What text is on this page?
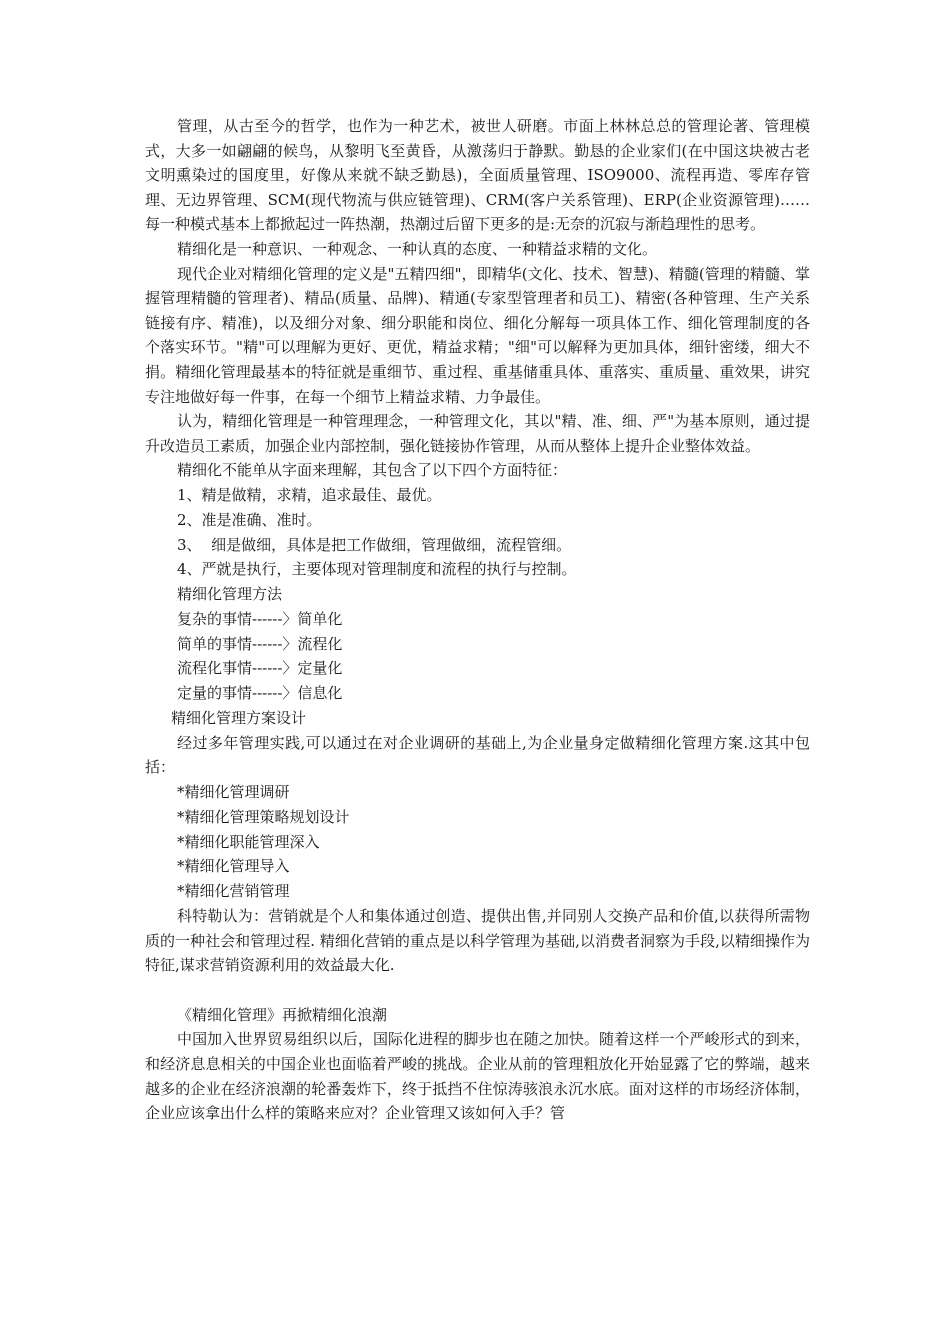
管理，从古至今的哲学，也作为一种艺术，被世人研磨。市面上林林总总的管理论著、管理模式，大多一如翩翩的候鸟，从黎明飞至黄昏，从激荡归于静默。勤恳的企业家们(在中国这块被古老文明熏染过的国度里，好像从来就不缺乏勤恳)，全面质量管理、ISO9000、流程再造、零库存管理、无边界管理、SCM(现代物流与供应链管理)、CRM(客户关系管理)、ERP(企业资源管理)……每一种模式基本上都掀起过一阵热潮，热潮过后留下更多的是:无奈的沉寂与渐趋理性的思考。

精细化是一种意识、一种观念、一种认真的态度、一种精益求精的文化。

现代企业对精细化管理的定义是"五精四细"，即精华(文化、技术、智慧)、精髓(管理的精髓、掌握管理精髓的管理者)、精品(质量、品牌)、精通(专家型管理者和员工)、精密(各种管理、生产关系链接有序、精准)，以及细分对象、细分职能和岗位、细化分解每一项具体工作、细化管理制度的各个落实环节。"精"可以理解为更好、更优，精益求精；"细"可以解释为更加具体，细针密缕，细大不捐。精细化管理最基本的特征就是重细节、重过程、重基储重具体、重落实、重质量、重效果，讲究专注地做好每一件事，在每一个细节上精益求精、力争最佳。

认为，精细化管理是一种管理理念，一种管理文化，其以"精、准、细、严"为基本原则，通过提升改造员工素质，加强企业内部控制，强化链接协作管理，从而从整体上提升企业整体效益。

精细化不能单从字面来理解，其包含了以下四个方面特征：

1、精是做精，求精，追求最佳、最优。

2、准是准确、准时。

3、  细是做细，具体是把工作做细，管理做细，流程管细。

4、严就是执行，主要体现对管理制度和流程的执行与控制。

精细化管理方法

复杂的事情------〉简单化

简单的事情------〉流程化

流程化事情------〉定量化

定量的事情------〉信息化

精细化管理方案设计

经过多年管理实践,可以通过在对企业调研的基础上,为企业量身定做精细化管理方案.这其中包括：

*精细化管理调研

*精细化管理策略规划设计

*精细化职能管理深入

*精细化管理导入

*精细化营销管理

科特勒认为：营销就是个人和集体通过创造、提供出售,并同别人交换产品和价值,以获得所需物质的一种社会和管理过程. 精细化营销的重点是以科学管理为基础,以消费者洞察为手段,以精细操作为特征,谋求营销资源利用的效益最大化.

《精细化管理》再掀精细化浪潮

中国加入世界贸易组织以后，国际化进程的脚步也在随之加快。随着这样一个严峻形式的到来，和经济息息相关的中国企业也面临着严峻的挑战。企业从前的管理粗放化开始显露了它的弊端，越来越多的企业在经济浪潮的轮番轰炸下，终于抵挡不住惊涛骇浪永沉水底。面对这样的市场经济体制，企业应该拿出什么样的策略来应对？企业管理又该如何入手？管
